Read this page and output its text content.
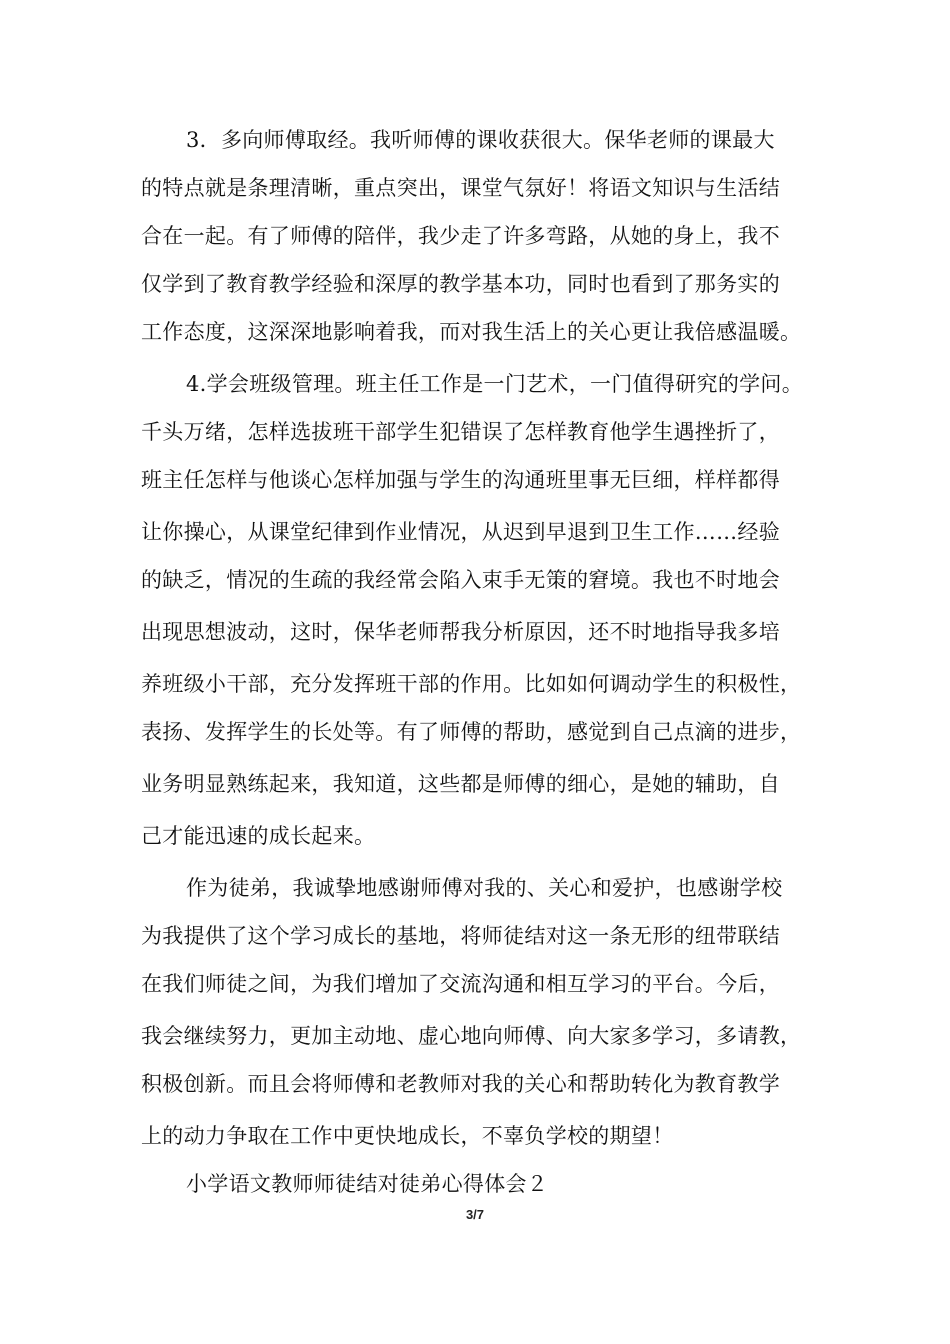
3．多向师傅取经。我听师傅的课收获很大。保华老师的课最大
的特点就是条理清晰，重点突出，课堂气氛好！将语文知识与生活结
合在一起。有了师傅的陪伴，我少走了许多弯路，从她的身上，我不
仅学到了教育教学经验和深厚的教学基本功，同时也看到了那务实的
工作态度，这深深地影响着我，而对我生活上的关心更让我倍感温暖。
4.学会班级管理。班主任工作是一门艺术，一门值得研究的学问。
千头万绪，怎样选拔班干部学生犯错误了怎样教育他学生遇挫折了，
班主任怎样与他谈心怎样加强与学生的沟通班里事无巨细，样样都得
让你操心，从课堂纪律到作业情况，从迟到早退到卫生工作……经验
的缺乏，情况的生疏的我经常会陷入束手无策的窘境。我也不时地会
出现思想波动，这时，保华老师帮我分析原因，还不时地指导我多培
养班级小干部，充分发挥班干部的作用。比如如何调动学生的积极性，
表扬、发挥学生的长处等。有了师傅的帮助，感觉到自己点滴的进步，
业务明显熟练起来，我知道，这些都是师傅的细心，是她的辅助，自
己才能迅速的成长起来。
作为徒弟，我诚挚地感谢师傅对我的、关心和爱护，也感谢学校
为我提供了这个学习成长的基地，将师徒结对这一条无形的纽带联结
在我们师徒之间，为我们增加了交流沟通和相互学习的平台。今后，
我会继续努力，更加主动地、虚心地向师傅、向大家多学习，多请教，
积极创新。而且会将师傅和老教师对我的关心和帮助转化为教育教学
上的动力争取在工作中更快地成长，不辜负学校的期望！
小学语文教师师徒结对徒弟心得体会２
3/7
